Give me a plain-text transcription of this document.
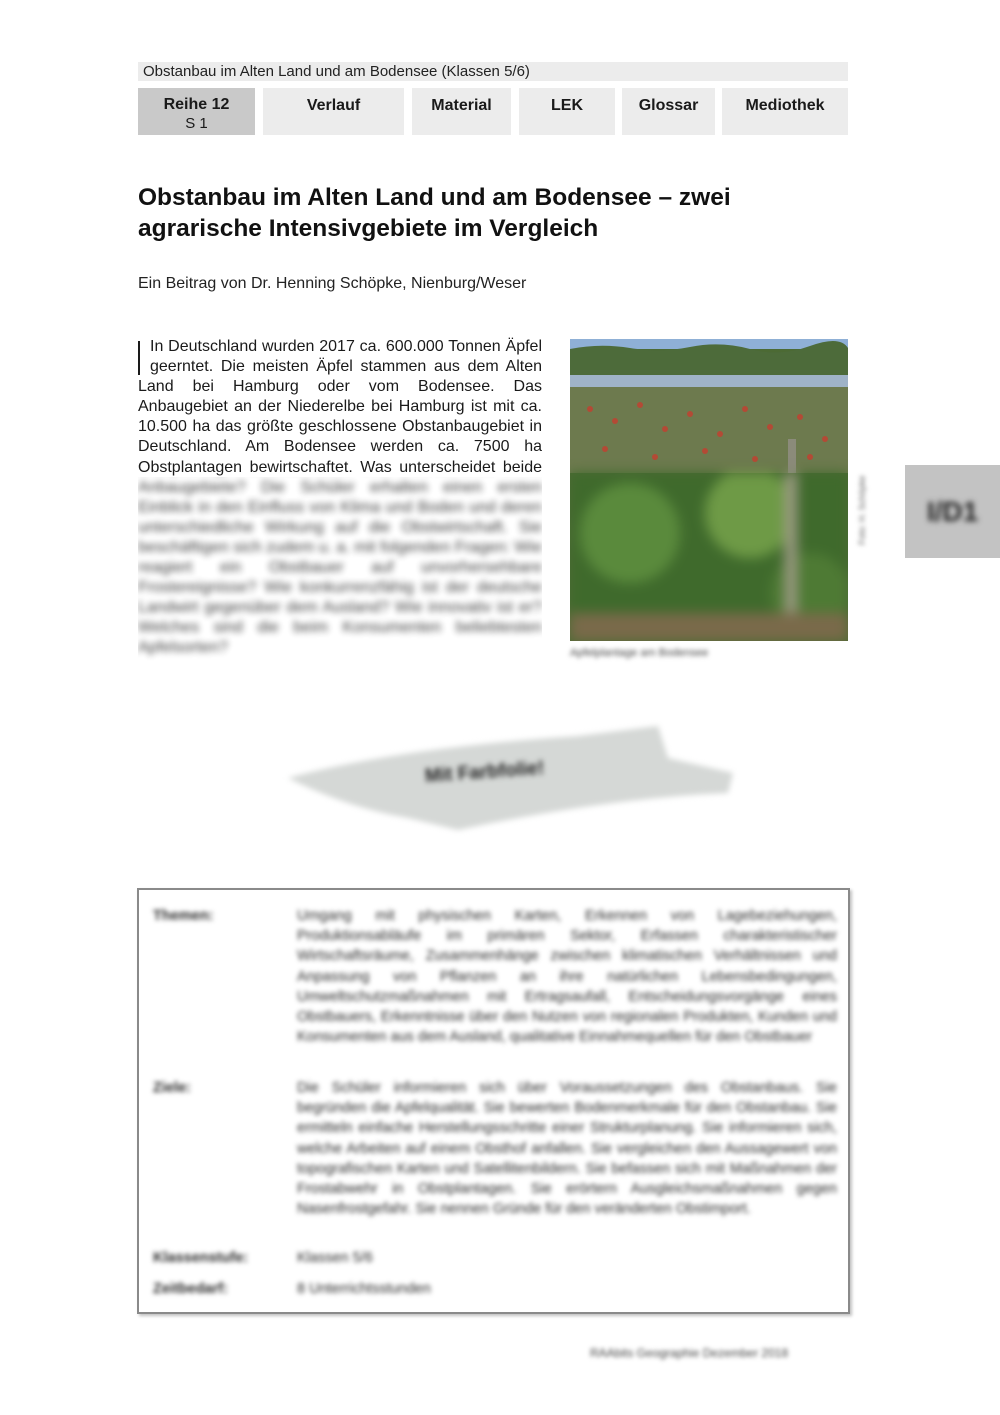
Obstanbau im Alten Land und am Bodensee (Klassen 5/6)
Reihe 12
S 1
Verlauf	Material	LEK	Glossar	Mediothek
Obstanbau im Alten Land und am Bodensee – zwei agrarische Intensivgebiete im Vergleich
Ein Beitrag von Dr. Henning Schöpke, Nienburg/Weser
In Deutschland wurden 2017 ca. 600.000 Tonnen Äpfel geerntet. Die meisten Äpfel stammen aus dem Alten Land bei Hamburg oder vom Bodensee. Das Anbaugebiet an der Niederelbe bei Hamburg ist mit ca. 10.500 ha das größte geschlossene Obstanbaugebiet in Deutschland. Am Bodensee werden ca. 7500 ha Obstplantagen bewirtschaftet. Was unterscheidet beide
Anbaugebiete? Die Schüler erhalten einen ersten Einblick in den Einfluss von Klima und Boden und deren unterschiedliche Wirkung auf die Obstwirtschaft. Sie beschäftigen sich zudem u. a. mit folgenden Fragen: Wie reagiert ein Obstbauer auf unvorhersehbare Frostereignisse? Wie konkurrenzfähig ist der deutsche Landwirt gegenüber dem Ausland? Wie innovativ ist er? Welches sind die beim Konsumenten beliebtesten Apfelsorten?
Foto: H. Schöpke
Apfelplantage am Bodensee
I/D1
Mit Farbfolie!
Themen:	Umgang mit physischen Karten, Erkennen von Lagebeziehungen, Produktionsabläufe im primären Sektor, Erfassen charakteristischer Wirtschaftsräume, Zusammenhänge zwischen klimatischen Verhältnissen und Anpassung von Pflanzen an ihre natürlichen Lebensbedingungen, Umweltschutzmaßnahmen mit Ertragsaufall, Entscheidungsvorgänge eines Obstbauers, Erkenntnisse über den Nutzen von regionalen Produkten, Kunden und Konsumenten aus dem Ausland, qualitative Einnahmequellen für den Obstbauer
Ziele:	Die Schüler informieren sich über Voraussetzungen des Obstanbaus. Sie begründen die Apfelqualität. Sie bewerten Bodenmerkmale für den Obstanbau. Sie ermitteln einfache Herstellungsschritte einer Strukturplanung. Sie informieren sich, welche Arbeiten auf einem Obsthof anfallen. Sie vergleichen den Aussagewert von topografischen Karten und Satellitenbildern. Sie befassen sich mit Maßnahmen der Frostabwehr in Obstplantagen. Sie erörtern Ausgleichsmaßnahmen gegen Nasenfrostgefahr. Sie nennen Gründe für den veränderten Obstimport.
Klassenstufe:	Klassen 5/6
Zeitbedarf:	8 Unterrichtsstunden
RAAbits Geographie Dezember 2018
